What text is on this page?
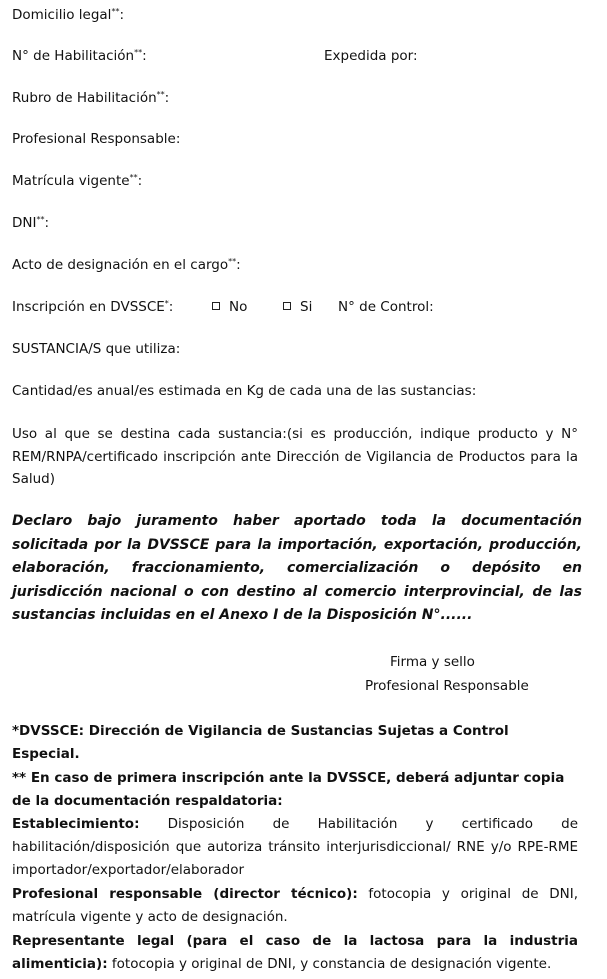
Domicilio legal**:
N° de Habilitación**:	Expedida por:
Rubro de Habilitación**:
Profesional Responsable:
Matrícula vigente**:
DNI**:
Acto de designación en el cargo**:
Inscripción en DVSSCE*:	No	Si N° de Control:
SUSTANCIA/S que utiliza:
Cantidad/es anual/es estimada en Kg de cada una de las sustancias:
Uso al que se destina cada sustancia:(si es producción, indique producto y N° REM/RNPA/certificado inscripción ante Dirección de Vigilancia de Productos para la Salud)
Declaro bajo juramento haber aportado toda la documentación solicitada por la DVSSCE para la importación, exportación, producción, elaboración, fraccionamiento, comercialización o depósito en jurisdicción nacional o con destino al comercio interprovincial, de las sustancias incluidas en el Anexo I de la Disposición N°......
Firma y sello
Profesional Responsable
*DVSSCE: Dirección de Vigilancia de Sustancias Sujetas a Control Especial.
** En caso de primera inscripción ante la DVSSCE, deberá adjuntar copia de la documentación respaldatoria:
Establecimiento: Disposición de Habilitación y certificado de
habilitación/disposición que autoriza tránsito interjurisdiccional/ RNE y/o RPE-RME importador/exportador/elaborador
Profesional responsable (director técnico): fotocopia y original de DNI, matrícula vigente y acto de designación.
Representante legal (para el caso de la lactosa para la industria alimenticia): fotocopia y original de DNI, y constancia de designación vigente.
